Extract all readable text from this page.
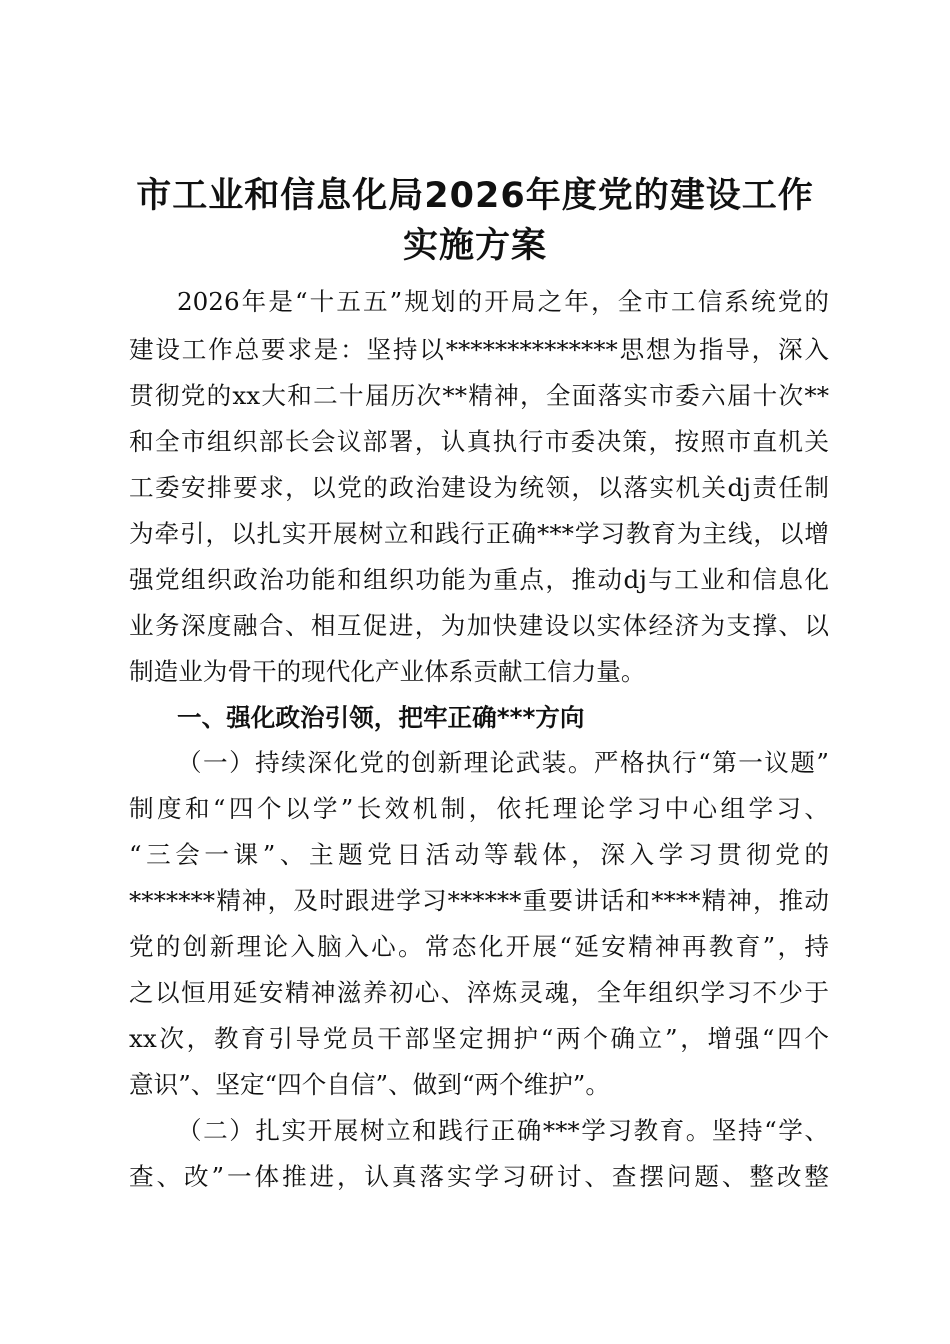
市工业和信息化局2026年度党的建设工作
实施方案
2026年是“十五五”规划的开局之年，全市工信系统党的
建设工作总要求是：坚持以**************思想为指导，深入
贯彻党的xx大和二十届历次**精神，全面落实市委六届十次**
和全市组织部长会议部署，认真执行市委决策，按照市直机关
工委安排要求，以党的政治建设为统领，以落实机关dj责任制
为牵引，以扎实开展树立和践行正确***学习教育为主线，以增
强党组织政治功能和组织功能为重点，推动dj与工业和信息化
业务深度融合、相互促进，为加快建设以实体经济为支撑、以
制造业为骨干的现代化产业体系贡献工信力量。
一、强化政治引领，把牢正确***方向
（一）持续深化党的创新理论武装。严格执行“第一议题”
制度和“四个以学”长效机制，依托理论学习中心组学习、
“三会一课”、主题党日活动等载体，深入学习贯彻党的
*******精神，及时跟进学习******重要讲话和****精神，推动
党的创新理论入脑入心。常态化开展“延安精神再教育”，持
之以恒用延安精神滋养初心、淬炼灵魂，全年组织学习不少于
xx次，教育引导党员干部坚定拥护“两个确立”，增强“四个
意识”、坚定“四个自信”、做到“两个维护”。
（二）扎实开展树立和践行正确***学习教育。坚持“学、
查、改”一体推进，认真落实学习研讨、查摆问题、整改整
